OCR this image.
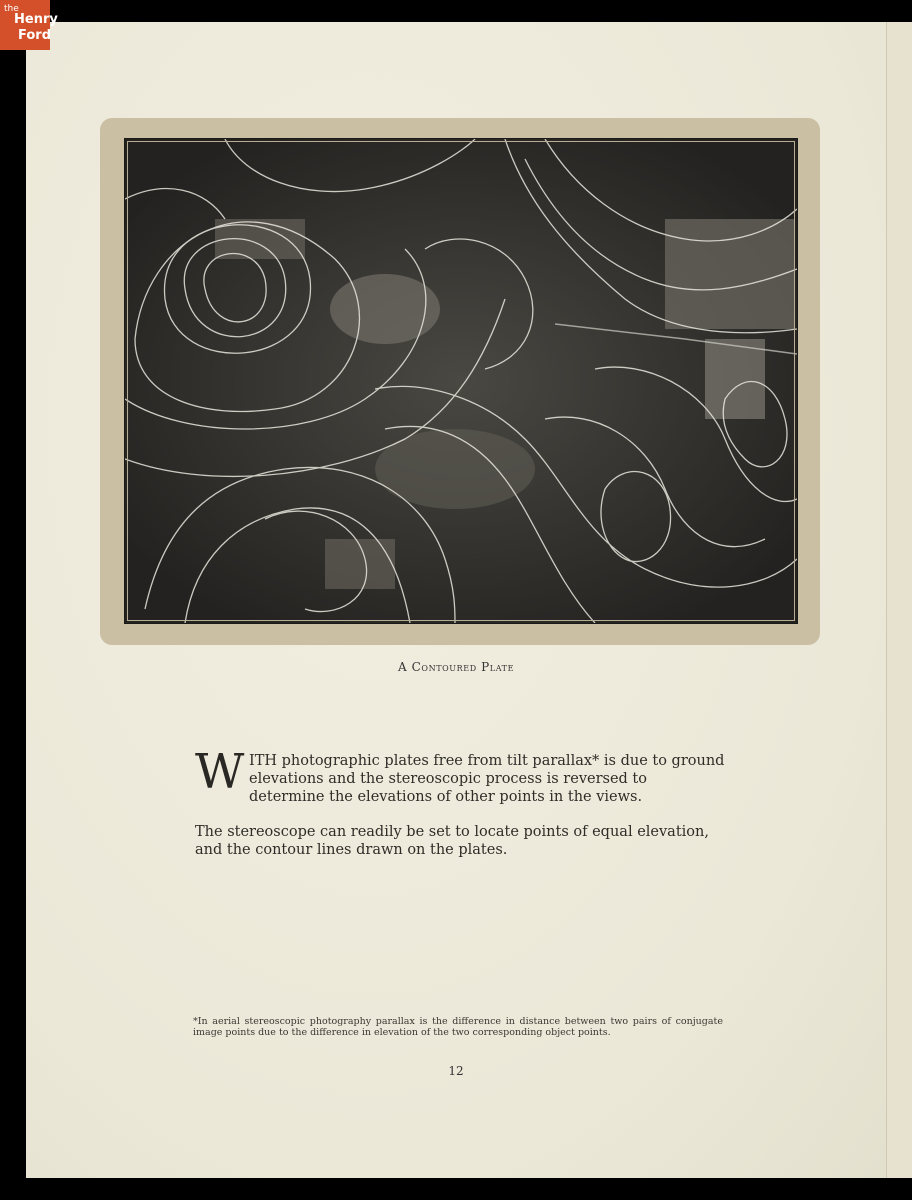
the
Henry
Ford
A Contoured Plate
W ITH photographic plates free from tilt parallax* is due to ground elevations and the stereoscopic process is reversed to determine the elevations of other points in the views.
The stereoscope can readily be set to locate points of equal elevation, and the contour lines drawn on the plates.
*In aerial stereoscopic photography parallax is the difference in distance between two pairs of conjugate image points due to the difference in elevation of the two corresponding object points.
12
